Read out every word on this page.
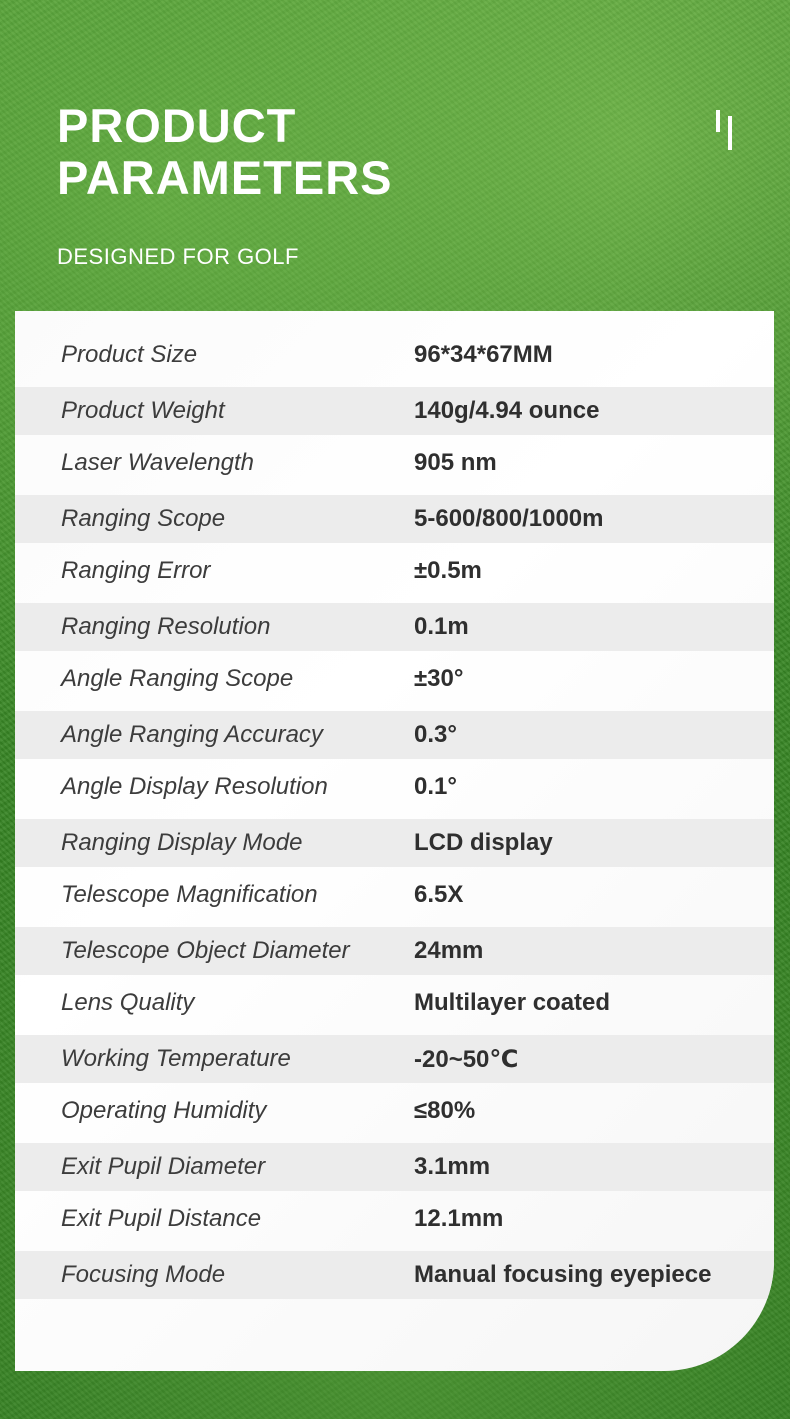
PRODUCT
PARAMETERS
DESIGNED FOR GOLF
Product Size	96*34*67MM
Product Weight	140g/4.94 ounce
Laser Wavelength	905 nm
Ranging Scope	5-600/800/1000m
Ranging Error	±0.5m
Ranging Resolution	0.1m
Angle Ranging Scope	±30°
Angle Ranging Accuracy	0.3°
Angle Display Resolution	0.1°
Ranging Display Mode	LCD display
Telescope Magnification	6.5X
Telescope Object Diameter	24mm
Lens Quality	Multilayer coated
Working Temperature	-20~50℃
Operating Humidity	≤80%
Exit Pupil Diameter	3.1mm
Exit Pupil Distance	12.1mm
Focusing Mode	Manual focusing eyepiece
